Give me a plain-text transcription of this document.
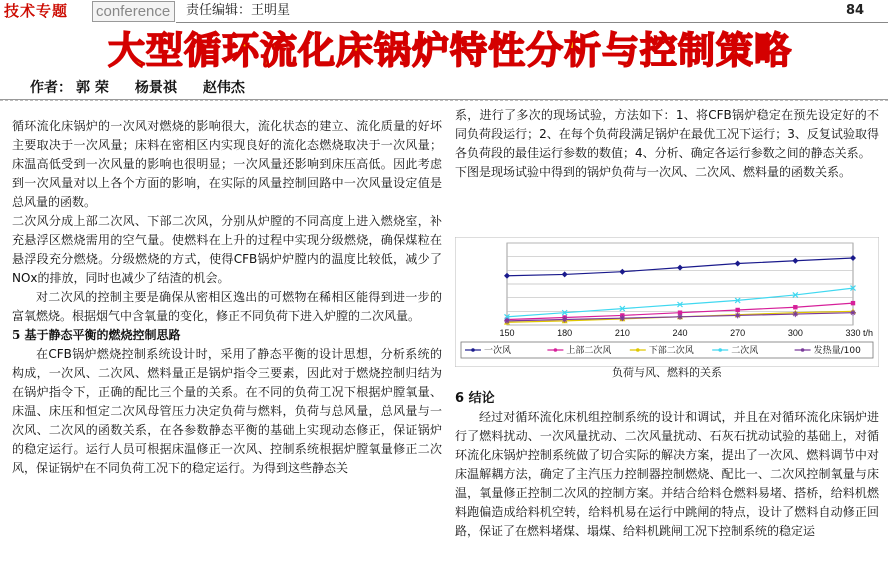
技术专题	conference	责任编辑：王明星	84
大型循环流化床锅炉特性分析与控制策略
作者： 郭 荣 杨景祺 赵伟杰

循环流化床锅炉的一次风对燃烧的影响很大，流化状态的建立、流化质量的好坏主要取决于一次风量；床料在密相区内实现良好的流化态燃烧取决于一次风量；床温高低受到一次风量的影响也很明显；一次风量还影响到床压高低。因此考虑到一次风量对以上各个方面的影响，在实际的风量控制回路中一次风量设定值是总风量的函数。

二次风分成上部二次风、下部二次风，分别从炉膛的不同高度上进入燃烧室，补充悬浮区燃烧需用的空气量。使燃料在上升的过程中实现分级燃烧，确保煤粒在悬浮段充分燃烧。分级燃烧的方式，使得CFB锅炉炉膛内的温度比较低，减少了NOx的排放，同时也减少了结渣的机会。

对二次风的控制主要是确保从密相区逸出的可燃物在稀相区能得到进一步的富氧燃烧。根据烟气中含氧量的变化，修正不同负荷下进入炉膛的二次风量。

5 基于静态平衡的燃烧控制思路

在CFB锅炉燃烧控制系统设计时，采用了静态平衡的设计思想，分析系统的构成，一次风、二次风、燃料量正是锅炉指令三要素，因此对于燃烧控制归结为在锅炉指令下，正确的配比三个量的关系。在不同的负荷工况下根据炉膛氧量、床温、床压和恒定二次风母管压力决定负荷与燃料，负荷与总风量，总风量与一次风、二次风的函数关系，在各参数静态平衡的基础上实现动态修正，保证锅炉的稳定运行。运行人员可根据床温修正一次风、控制系统根据炉膛氧量修正二次风，保证锅炉在不同负荷工况下的稳定运行。为得到这些静态关

系，进行了多次的现场试验，方法如下：1、将CFB锅炉稳定在预先设定好的不同负荷段运行；2、在每个负荷段满足锅炉在最优工况下运行；3、反复试验取得各负荷段的最佳运行参数的数值；4、分析、确定各运行参数之间的静态关系。

下图是现场试验中得到的锅炉负荷与一次风、二次风、燃料量的函数关系。

150	180	210	240	270	300	330 t/h
一次风	上部二次风	下部二次风	二次风	发热量/100
负荷与风、燃料的关系

6 结论

经过对循环流化床机组控制系统的设计和调试，并且在对循环流化床锅炉进行了燃料扰动、一次风量扰动、二次风量扰动、石灰石扰动试验的基础上，对循环流化床锅炉控制系统做了切合实际的解决方案，提出了一次风、燃料调节中对床温解耦方法，确定了主汽压力控制器控制燃烧、配比一、二次风控制氧量与床温，氧量修正控制二次风的控制方案。并结合给料仓燃料易堵、搭桥，给料机燃料跑偏造成给料机空转，给料机易在运行中跳闸的特点，设计了燃料自动修正回路，保证了在燃料堵煤、塌煤、给料机跳闸工况下控制系统的稳定运
